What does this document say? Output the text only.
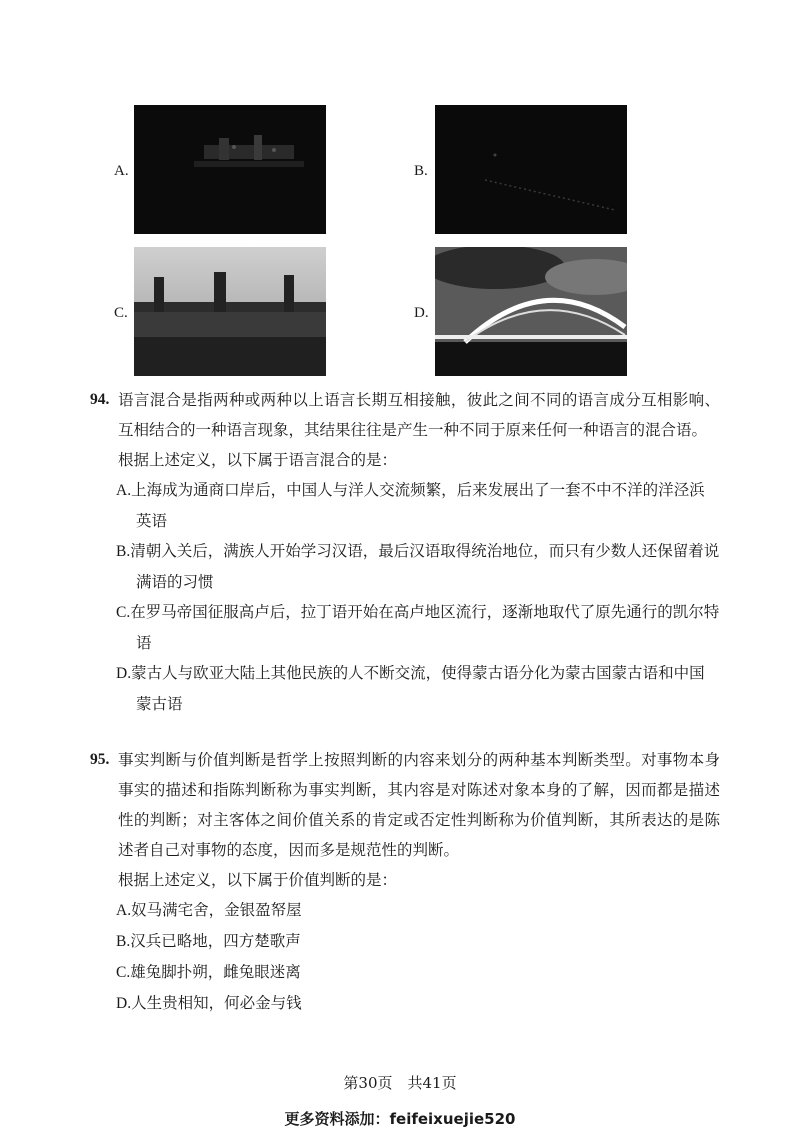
A.	B.
C.	D.
94. 语言混合是指两种或两种以上语言长期互相接触，彼此之间不同的语言成分互相影响、互相结合的一种语言现象，其结果往往是产生一种不同于原来任何一种语言的混合语。

根据上述定义，以下属于语言混合的是：

A.上海成为通商口岸后，中国人与洋人交流频繁，后来发展出了一套不中不洋的洋泾浜英语

B.清朝入关后，满族人开始学习汉语，最后汉语取得统治地位，而只有少数人还保留着说满语的习惯

C.在罗马帝国征服高卢后，拉丁语开始在高卢地区流行，逐渐地取代了原先通行的凯尔特语

D.蒙古人与欧亚大陆上其他民族的人不断交流，使得蒙古语分化为蒙古国蒙古语和中国蒙古语

95. 事实判断与价值判断是哲学上按照判断的内容来划分的两种基本判断类型。对事物本身事实的描述和指陈判断称为事实判断，其内容是对陈述对象本身的了解，因而都是描述性的判断；对主客体之间价值关系的肯定或否定性判断称为价值判断，其所表达的是陈述者自己对事物的态度，因而多是规范性的判断。

根据上述定义，以下属于价值判断的是：

A.奴马满宅舍，金银盈帑屋

B.汉兵已略地，四方楚歌声

C.雄兔脚扑朔，雌兔眼迷离

D.人生贵相知，何必金与钱

第30页　共41页
更多资料添加：feifeixuejie520
